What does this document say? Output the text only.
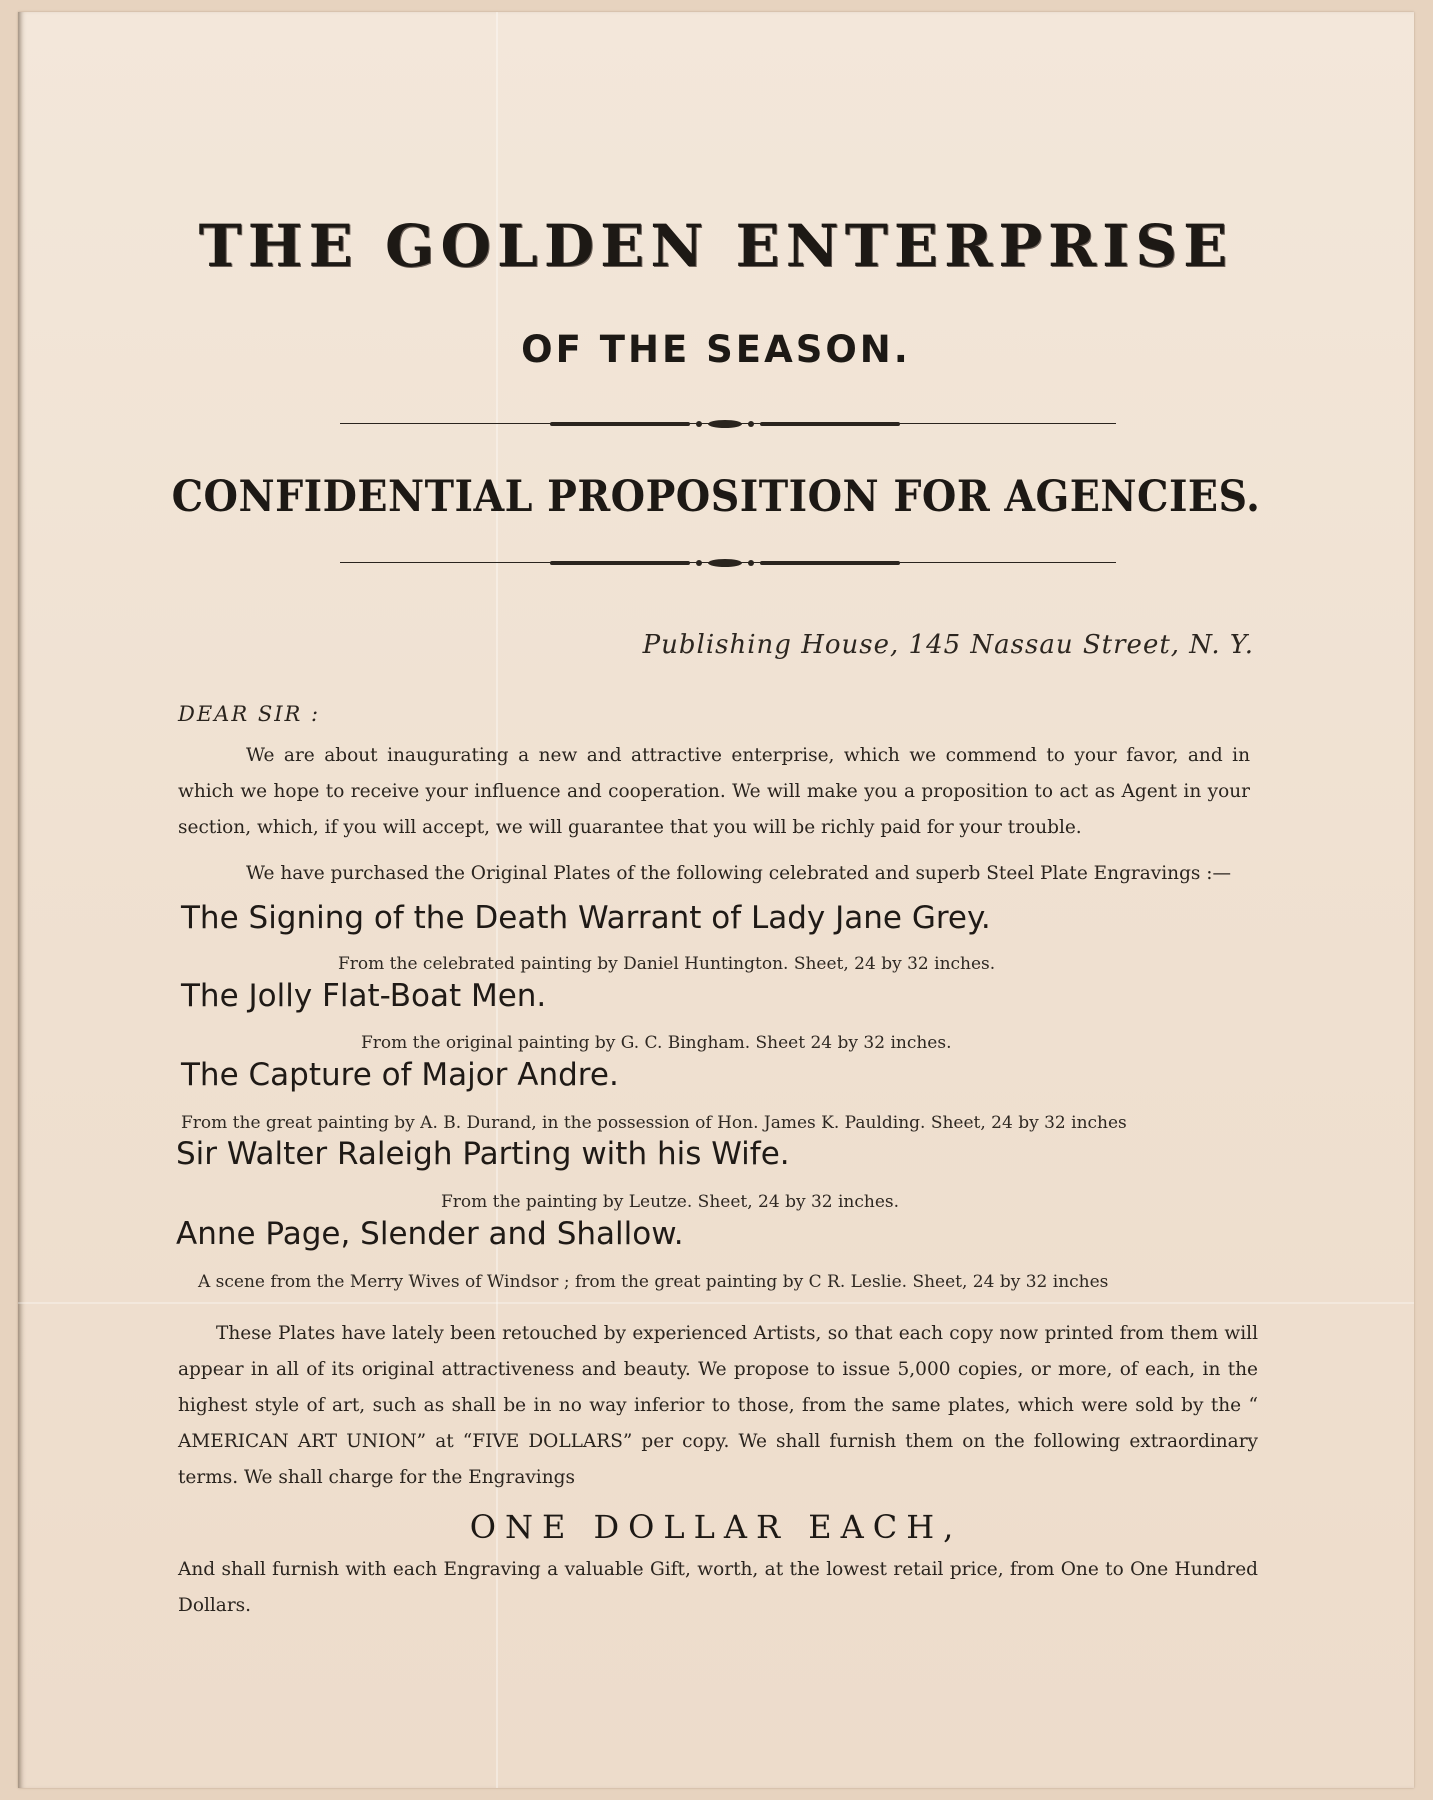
THE GOLDEN ENTERPRISE
OF THE SEASON.
CONFIDENTIAL PROPOSITION FOR AGENCIES.
Publishing House, 145 Nassau Street, N. Y.
DEAR SIR :
We are about inaugurating a new and attractive enterprise, which we commend to your favor, and in which we hope to receive your influence and cooperation. We will make you a proposition to act as Agent in your section, which, if you will accept, we will guarantee that you will be richly paid for your trouble.
We have purchased the Original Plates of the following celebrated and superb Steel Plate Engravings :—
The Signing of the Death Warrant of Lady Jane Grey.
From the celebrated painting by Daniel Huntington. Sheet, 24 by 32 inches.
The Jolly Flat-Boat Men.
From the original painting by G. C. Bingham. Sheet 24 by 32 inches.
The Capture of Major Andre.
From the great painting by A. B. Durand, in the possession of Hon. James K. Paulding. Sheet, 24 by 32 inches
Sir Walter Raleigh Parting with his Wife.
From the painting by Leutze. Sheet, 24 by 32 inches.
Anne Page, Slender and Shallow.
A scene from the Merry Wives of Windsor ; from the great painting by C R. Leslie. Sheet, 24 by 32 inches
These Plates have lately been retouched by experienced Artists, so that each copy now printed from them will appear in all of its original attractiveness and beauty. We propose to issue 5,000 copies, or more, of each, in the highest style of art, such as shall be in no way inferior to those, from the same plates, which were sold by the “ AMERICAN ART UNION” at “FIVE DOLLARS” per copy. We shall furnish them on the following extraordinary terms. We shall charge for the Engravings
ONE DOLLAR EACH,
And shall furnish with each Engraving a valuable Gift, worth, at the lowest retail price, from One to One Hundred Dollars.
